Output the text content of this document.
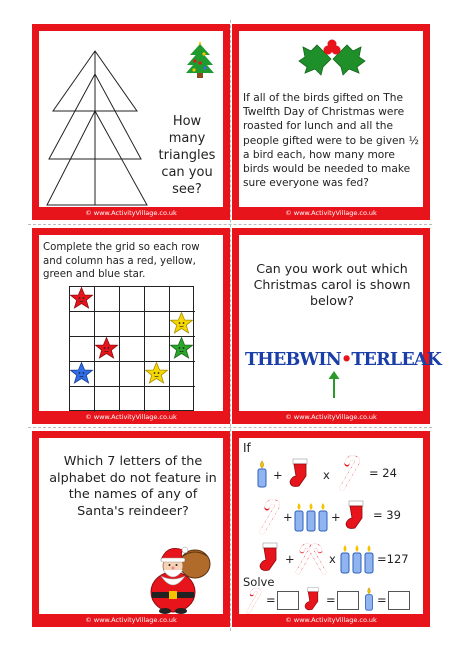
How
many
triangles
can you
see?
© www.ActivityVillage.co.uk
If all of the birds gifted on The Twelfth Day of Christmas were roasted for lunch and all the people gifted were to be given ½ a bird each, how many more birds would be needed to make sure everyone was fed?
© www.ActivityVillage.co.uk
Complete the grid so each row and column has a red, yellow, green and blue star.
© www.ActivityVillage.co.uk
Can you work out which Christmas carol is shown below?
THEBWIN•TERLEAK
© www.ActivityVillage.co.uk
Which 7 letters of the alphabet do not feature in the names of any of Santa's reindeer?
© www.ActivityVillage.co.uk
If
+	x	= 24
+	+	= 39
+	x	=127
Solve
=	=	=
© www.ActivityVillage.co.uk
